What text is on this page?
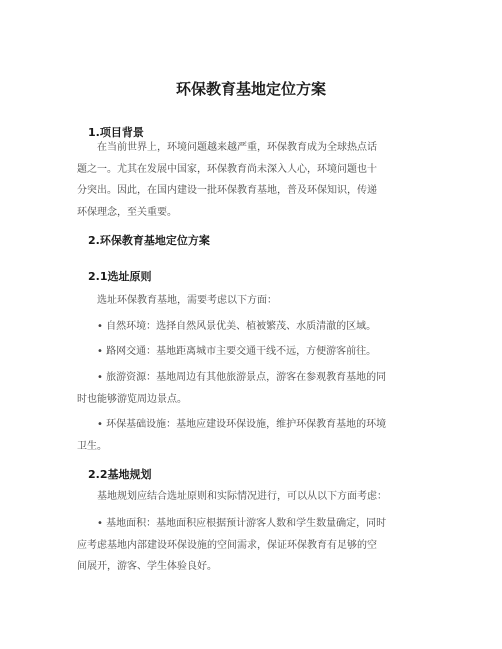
环保教育基地定位方案
1.项目背景
　　在当前世界上，环境问题越来越严重，环保教育成为全球热点话
题之一。尤其在发展中国家，环保教育尚未深入人心，环境问题也十
分突出。因此，在国内建设一批环保教育基地，普及环保知识，传递
环保理念，至关重要。
2.环保教育基地定位方案
2.1选址原则
　　选址环保教育基地，需要考虑以下方面：
　　• 自然环境：选择自然风景优美、植被繁茂、水质清澈的区域。
　　• 路网交通：基地距离城市主要交通干线不远，方便游客前往。
　　• 旅游资源：基地周边有其他旅游景点，游客在参观教育基地的同
时也能够游览周边景点。
　　• 环保基础设施：基地应建设环保设施，维护环保教育基地的环境
卫生。
2.2基地规划
　　基地规划应结合选址原则和实际情况进行，可以从以下方面考虑：
　　• 基地面积：基地面积应根据预计游客人数和学生数量确定，同时
应考虑基地内部建设环保设施的空间需求，保证环保教育有足够的空
间展开，游客、学生体验良好。
